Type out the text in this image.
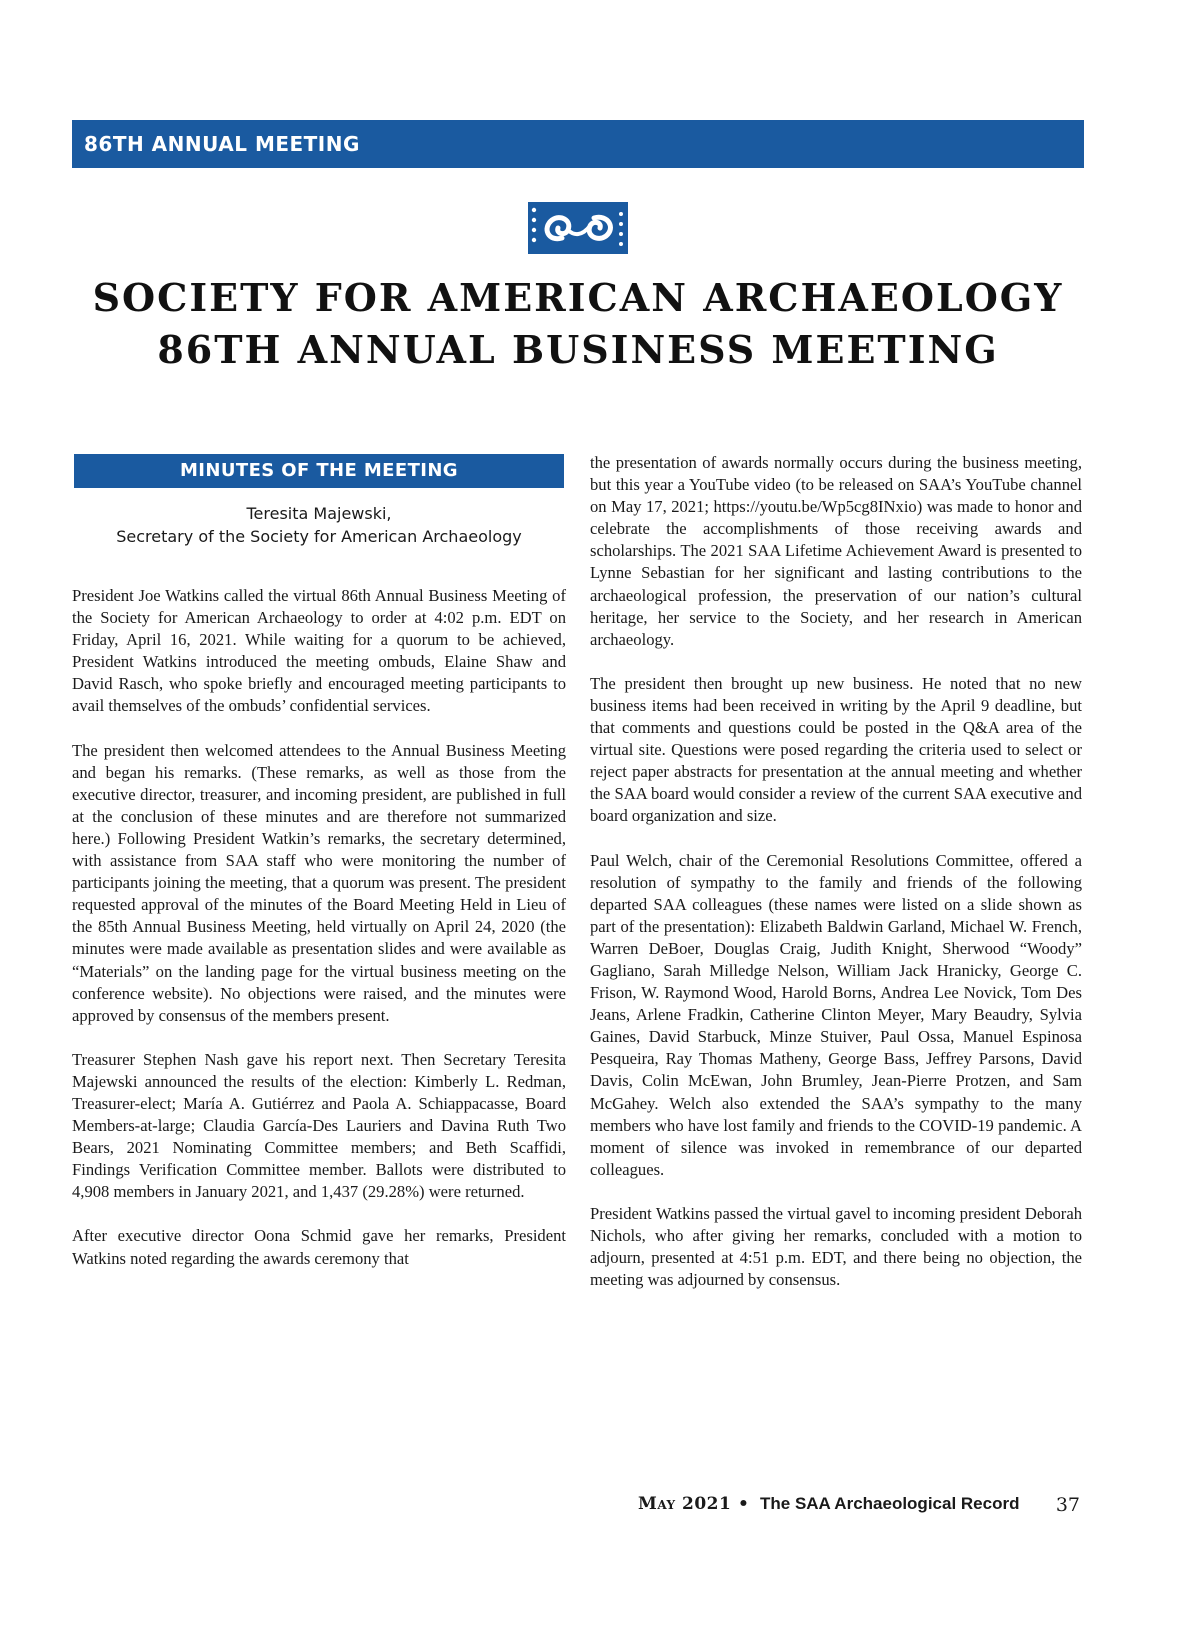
86TH ANNUAL MEETING
SOCIETY FOR AMERICAN ARCHAEOLOGY
86TH ANNUAL BUSINESS MEETING
MINUTES OF THE MEETING
Teresita Majewski,
Secretary of the Society for American Archaeology

President Joe Watkins called the virtual 86th Annual Business Meeting of the Society for American Archaeology to order at 4:02 p.m. EDT on Friday, April 16, 2021. While waiting for a quorum to be achieved, President Watkins introduced the meeting ombuds, Elaine Shaw and David Rasch, who spoke briefly and encouraged meeting participants to avail themselves of the ombuds’ confidential services.

The president then welcomed attendees to the Annual Business Meeting and began his remarks. (These remarks, as well as those from the executive director, treasurer, and incoming president, are published in full at the conclusion of these minutes and are therefore not summarized here.) Following President Watkin’s remarks, the secretary determined, with assistance from SAA staff who were monitoring the number of participants joining the meeting, that a quorum was present. The president requested approval of the minutes of the Board Meeting Held in Lieu of the 85th Annual Business Meeting, held virtually on April 24, 2020 (the minutes were made available as presentation slides and were available as “Materials” on the landing page for the virtual business meeting on the conference website). No objections were raised, and the minutes were approved by consensus of the members present.

Treasurer Stephen Nash gave his report next. Then Secretary Teresita Majewski announced the results of the election: Kimberly L. Redman, Treasurer-elect; María A. Gutiérrez and Paola A. Schiappacasse, Board Members-at-large; Claudia García-Des Lauriers and Davina Ruth Two Bears, 2021 Nominating Committee members; and Beth Scaffidi, Findings Verification Committee member. Ballots were distributed to 4,908 members in January 2021, and 1,437 (29.28%) were returned.

After executive director Oona Schmid gave her remarks, President Watkins noted regarding the awards ceremony that

the presentation of awards normally occurs during the business meeting, but this year a YouTube video (to be released on SAA’s YouTube channel on May 17, 2021; https://youtu.be/Wp5cg8INxio) was made to honor and celebrate the accomplishments of those receiving awards and scholarships. The 2021 SAA Lifetime Achievement Award is presented to Lynne Sebastian for her significant and lasting contributions to the archaeological profession, the preservation of our nation’s cultural heritage, her service to the Society, and her research in American archaeology.

The president then brought up new business. He noted that no new business items had been received in writing by the April 9 deadline, but that comments and questions could be posted in the Q&A area of the virtual site. Questions were posed regarding the criteria used to select or reject paper abstracts for presentation at the annual meeting and whether the SAA board would consider a review of the current SAA executive and board organization and size.

Paul Welch, chair of the Ceremonial Resolutions Committee, offered a resolution of sympathy to the family and friends of the following departed SAA colleagues (these names were listed on a slide shown as part of the presentation): Elizabeth Baldwin Garland, Michael W. French, Warren DeBoer, Douglas Craig, Judith Knight, Sherwood “Woody” Gagliano, Sarah Milledge Nelson, William Jack Hranicky, George C. Frison, W. Raymond Wood, Harold Borns, Andrea Lee Novick, Tom Des Jeans, Arlene Fradkin, Catherine Clinton Meyer, Mary Beaudry, Sylvia Gaines, David Starbuck, Minze Stuiver, Paul Ossa, Manuel Espinosa Pesqueira, Ray Thomas Matheny, George Bass, Jeffrey Parsons, David Davis, Colin McEwan, John Brumley, Jean-Pierre Protzen, and Sam McGahey. Welch also extended the SAA’s sympathy to the many members who have lost family and friends to the COVID-19 pandemic. A moment of silence was invoked in remembrance of our departed colleagues.

President Watkins passed the virtual gavel to incoming president Deborah Nichols, who after giving her remarks, concluded with a motion to adjourn, presented at 4:51 p.m. EDT, and there being no objection, the meeting was adjourned by consensus.

May 2021 • The SAA Archaeological Record 37
